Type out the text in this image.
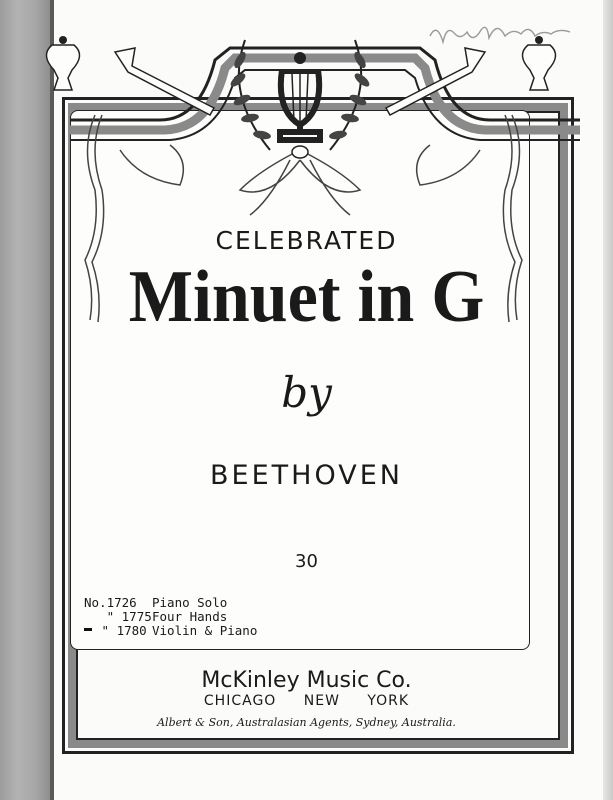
CELEBRATED
Minuet in G
by
BEETHOVEN
30
No.1726	Piano Solo
" 1775 Four Hands
" 1780 Violin & Piano
McKinley Music Co.
CHICAGO NEW YORK
Albert & Son, Australasian Agents, Sydney, Australia.
